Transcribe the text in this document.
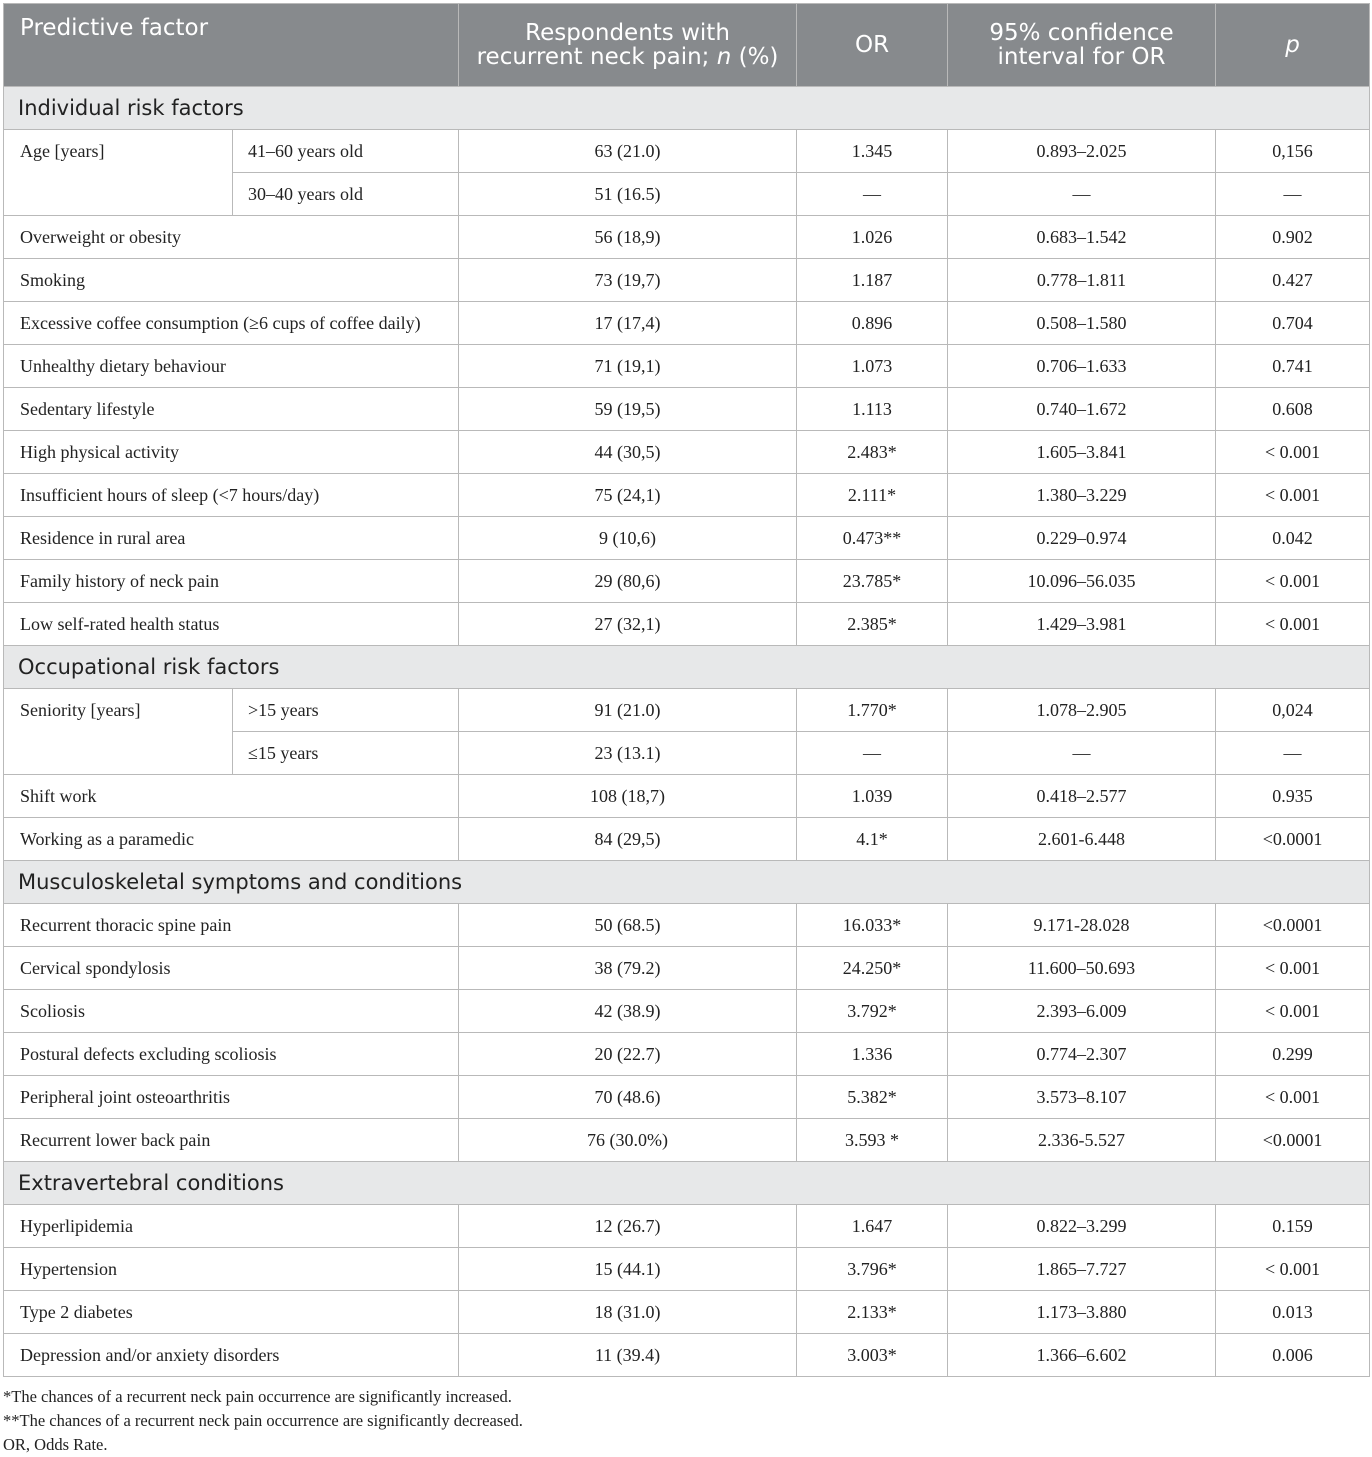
Predictive factor		Respondents with
recurrent neck pain; n (%)	OR	95% confidence
interval for OR	p
Individual risk factors					
Age [years]	41–60 years old	63 (21.0)	1.345	0.893–2.025	0,156
	30–40 years old	51 (16.5)	—	—	—
Overweight or obesity		56 (18,9)	1.026	0.683–1.542	0.902
Smoking		73 (19,7)	1.187	0.778–1.811	0.427
Excessive coffee consumption (≥6 cups of coffee daily)		17 (17,4)	0.896	0.508–1.580	0.704
Unhealthy dietary behaviour		71 (19,1)	1.073	0.706–1.633	0.741
Sedentary lifestyle		59 (19,5)	1.113	0.740–1.672	0.608
High physical activity		44 (30,5)	2.483*	1.605–3.841	< 0.001
Insufficient hours of sleep (<7 hours/day)		75 (24,1)	2.111*	1.380–3.229	< 0.001
Residence in rural area		9 (10,6)	0.473**	0.229–0.974	0.042
Family history of neck pain		29 (80,6)	23.785*	10.096–56.035	< 0.001
Low self-rated health status		27 (32,1)	2.385*	1.429–3.981	< 0.001
Occupational risk factors					
Seniority [years]	>15 years	91 (21.0)	1.770*	1.078–2.905	0,024
	≤15 years	23 (13.1)	—	—	—
Shift work		108 (18,7)	1.039	0.418–2.577	0.935
Working as a paramedic		84 (29,5)	4.1*	2.601-6.448	<0.0001
Musculoskeletal symptoms and conditions					
Recurrent thoracic spine pain		50 (68.5)	16.033*	9.171-28.028	<0.0001
Cervical spondylosis		38 (79.2)	24.250*	11.600–50.693	< 0.001
Scoliosis		42 (38.9)	3.792*	2.393–6.009	< 0.001
Postural defects excluding scoliosis		20 (22.7)	1.336	0.774–2.307	0.299
Peripheral joint osteoarthritis		70 (48.6)	5.382*	3.573–8.107	< 0.001
Recurrent lower back pain		76 (30.0%)	3.593 *	2.336-5.527	<0.0001
Extravertebral conditions					
Hyperlipidemia		12 (26.7)	1.647	0.822–3.299	0.159
Hypertension		15 (44.1)	3.796*	1.865–7.727	< 0.001
Type 2 diabetes		18 (31.0)	2.133*	1.173–3.880	0.013
Depression and/or anxiety disorders		11 (39.4)	3.003*	1.366–6.602	0.006
*The chances of a recurrent neck pain occurrence are significantly increased.
**The chances of a recurrent neck pain occurrence are significantly decreased.
OR, Odds Rate.
